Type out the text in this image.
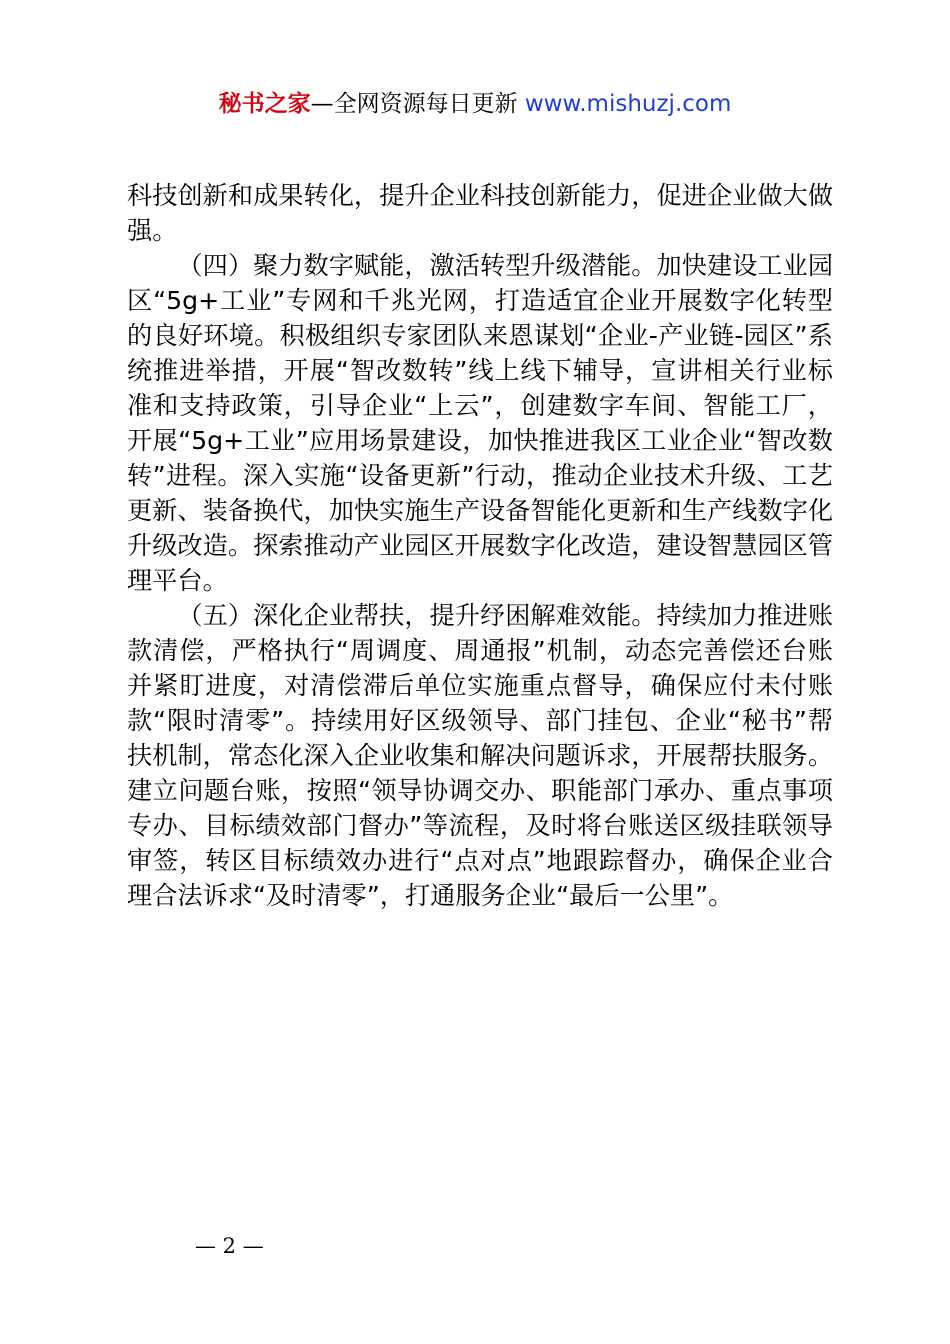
秘书之家—全网资源每日更新 www.mishuzj.com

科技创新和成果转化，提升企业科技创新能力，促进企业做大做强。

（四）聚力数字赋能，激活转型升级潜能。加快建设工业园区“5g+工业”专网和千兆光网，打造适宜企业开展数字化转型的良好环境。积极组织专家团队来恩谋划“企业-产业链-园区”系统推进举措，开展“智改数转”线上线下辅导，宣讲相关行业标准和支持政策，引导企业“上云”，创建数字车间、智能工厂，开展“5g+工业”应用场景建设，加快推进我区工业企业“智改数转”进程。深入实施“设备更新”行动，推动企业技术升级、工艺更新、装备换代，加快实施生产设备智能化更新和生产线数字化升级改造。探索推动产业园区开展数字化改造，建设智慧园区管理平台。

（五）深化企业帮扶，提升纾困解难效能。持续加力推进账款清偿，严格执行“周调度、周通报”机制，动态完善偿还台账并紧盯进度，对清偿滞后单位实施重点督导，确保应付未付账款“限时清零”。持续用好区级领导、部门挂包、企业“秘书”帮扶机制，常态化深入企业收集和解决问题诉求，开展帮扶服务。建立问题台账，按照“领导协调交办、职能部门承办、重点事项专办、目标绩效部门督办”等流程，及时将台账送区级挂联领导审签，转区目标绩效办进行“点对点”地跟踪督办，确保企业合理合法诉求“及时清零”，打通服务企业“最后一公里”。

— 2 —
